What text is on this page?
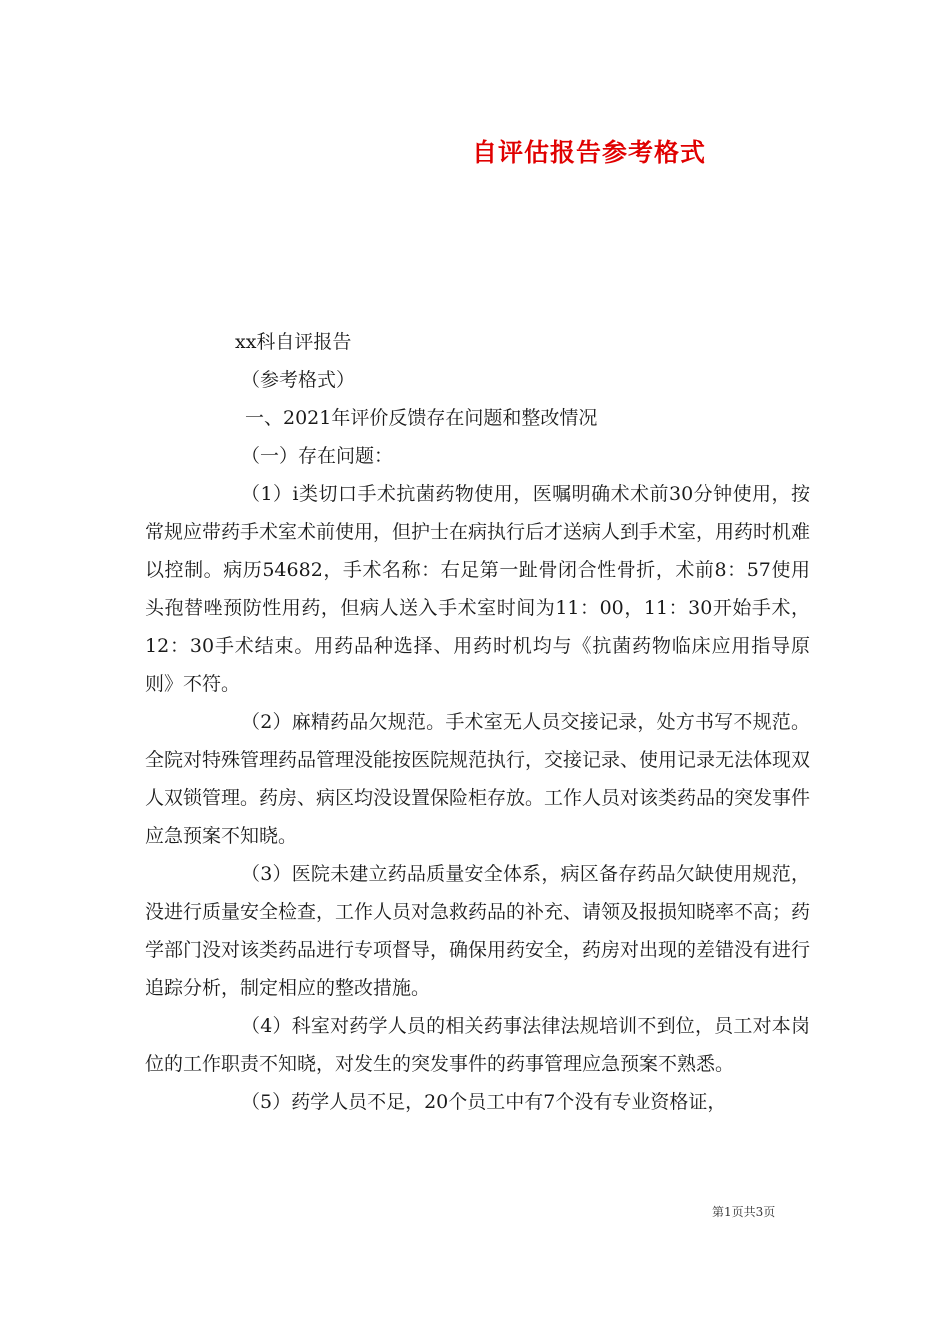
自评估报告参考格式
xx科自评报告
（参考格式）
一、2021年评价反馈存在问题和整改情况
（一）存在问题：
（1）i类切口手术抗菌药物使用，医嘱明确术术前30分钟使用，按常规应带药手术室术前使用，但护士在病执行后才送病人到手术室，用药时机难以控制。病历54682，手术名称：右足第一趾骨闭合性骨折，术前8：57使用头孢替唑预防性用药，但病人送入手术室时间为11：00，11：30开始手术，12：30手术结束。用药品种选择、用药时机均与《抗菌药物临床应用指导原则》不符。
（2）麻精药品欠规范。手术室无人员交接记录，处方书写不规范。全院对特殊管理药品管理没能按医院规范执行，交接记录、使用记录无法体现双人双锁管理。药房、病区均没设置保险柜存放。工作人员对该类药品的突发事件应急预案不知晓。
（3）医院未建立药品质量安全体系，病区备存药品欠缺使用规范，没进行质量安全检查，工作人员对急救药品的补充、请领及报损知晓率不高；药学部门没对该类药品进行专项督导，确保用药安全，药房对出现的差错没有进行追踪分析，制定相应的整改措施。
（4）科室对药学人员的相关药事法律法规培训不到位，员工对本岗位的工作职责不知晓，对发生的突发事件的药事管理应急预案不熟悉。
（5）药学人员不足，20个员工中有7个没有专业资格证，
第1页共3页
